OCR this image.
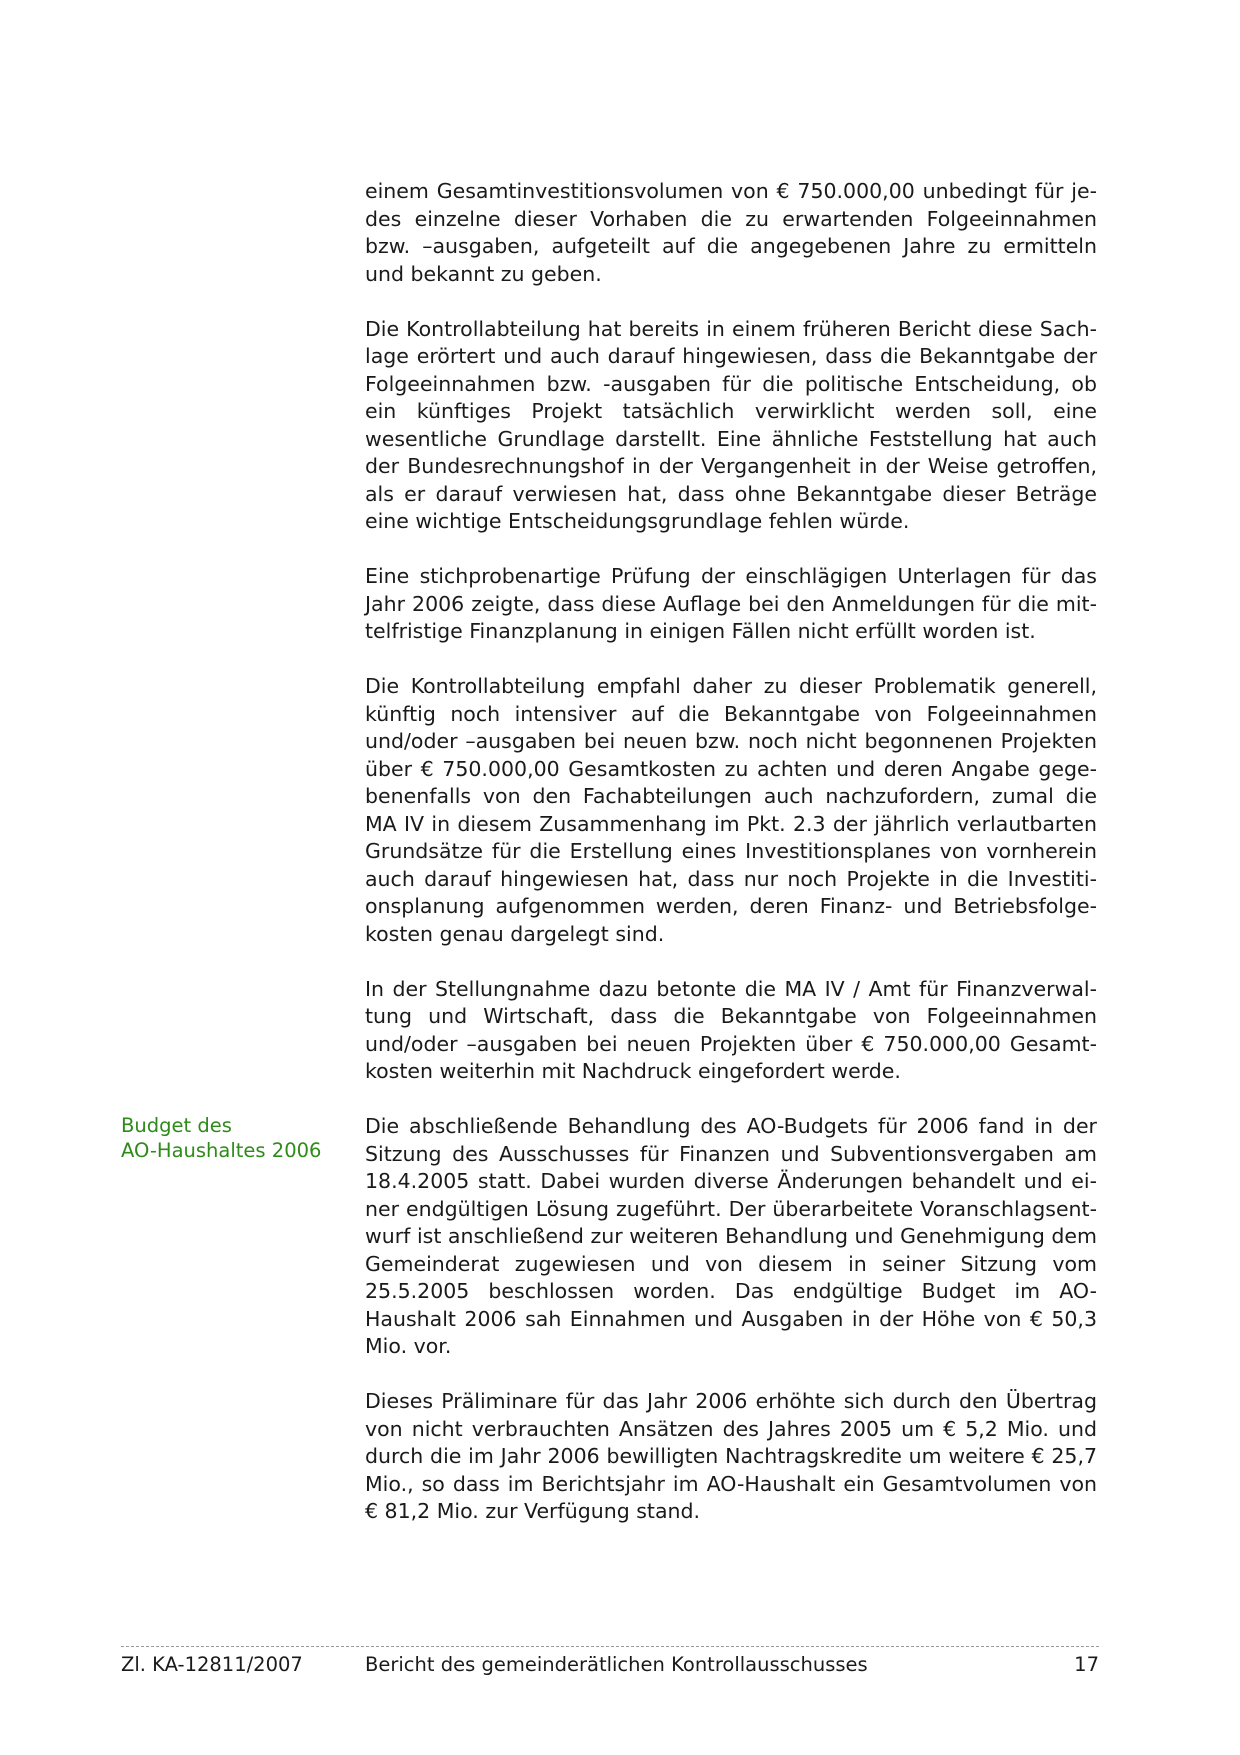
einem Gesamtinvestitionsvolumen von € 750.000,00 unbedingt für jedes einzelne dieser Vorhaben die zu erwartenden Folgeeinnahmen bzw. –ausgaben, aufgeteilt auf die angegebenen Jahre zu ermitteln und bekannt zu geben.

Die Kontrollabteilung hat bereits in einem früheren Bericht diese Sachlage erörtert und auch darauf hingewiesen, dass die Bekanntgabe der Folgeeinnahmen bzw. -ausgaben für die politische Entscheidung, ob ein künftiges Projekt tatsächlich verwirklicht werden soll, eine wesentliche Grundlage darstellt. Eine ähnliche Feststellung hat auch der Bundesrechnungshof in der Vergangenheit in der Weise getroffen, als er darauf verwiesen hat, dass ohne Bekanntgabe dieser Beträge eine wichtige Entscheidungsgrundlage fehlen würde.

Eine stichprobenartige Prüfung der einschlägigen Unterlagen für das Jahr 2006 zeigte, dass diese Auflage bei den Anmeldungen für die mittelfristige Finanzplanung in einigen Fällen nicht erfüllt worden ist.

Die Kontrollabteilung empfahl daher zu dieser Problematik generell, künftig noch intensiver auf die Bekanntgabe von Folgeeinnahmen und/oder –ausgaben bei neuen bzw. noch nicht begonnenen Projekten über € 750.000,00 Gesamtkosten zu achten und deren Angabe gegebenenfalls von den Fachabteilungen auch nachzufordern, zumal die MA IV in diesem Zusammenhang im Pkt. 2.3 der jährlich verlautbarten Grundsätze für die Erstellung eines Investitionsplanes von vornherein auch darauf hingewiesen hat, dass nur noch Projekte in die Investitionsplanung aufgenommen werden, deren Finanz- und Betriebsfolgekosten genau dargelegt sind.

In der Stellungnahme dazu betonte die MA IV / Amt für Finanzverwaltung und Wirtschaft, dass die Bekanntgabe von Folgeeinnahmen und/oder –ausgaben bei neuen Projekten über € 750.000,00 Gesamtkosten weiterhin mit Nachdruck eingefordert werde.

Die abschließende Behandlung des AO-Budgets für 2006 fand in der Sitzung des Ausschusses für Finanzen und Subventionsvergaben am 18.4.2005 statt. Dabei wurden diverse Änderungen behandelt und einer endgültigen Lösung zugeführt. Der überarbeitete Voranschlagsentwurf ist anschließend zur weiteren Behandlung und Genehmigung dem Gemeinderat zugewiesen und von diesem in seiner Sitzung vom 25.5.2005 beschlossen worden. Das endgültige Budget im AO-Haushalt 2006 sah Einnahmen und Ausgaben in der Höhe von € 50,3 Mio. vor.

Dieses Präliminare für das Jahr 2006 erhöhte sich durch den Übertrag von nicht verbrauchten Ansätzen des Jahres 2005 um € 5,2 Mio. und durch die im Jahr 2006 bewilligten Nachtragskredite um weitere € 25,7 Mio., so dass im Berichtsjahr im AO-Haushalt ein Gesamtvolumen von € 81,2 Mio. zur Verfügung stand.

Budget des
AO-Haushaltes 2006

Zl. KA-12811/2007	Bericht des gemeinderätlichen Kontrollausschusses	17
